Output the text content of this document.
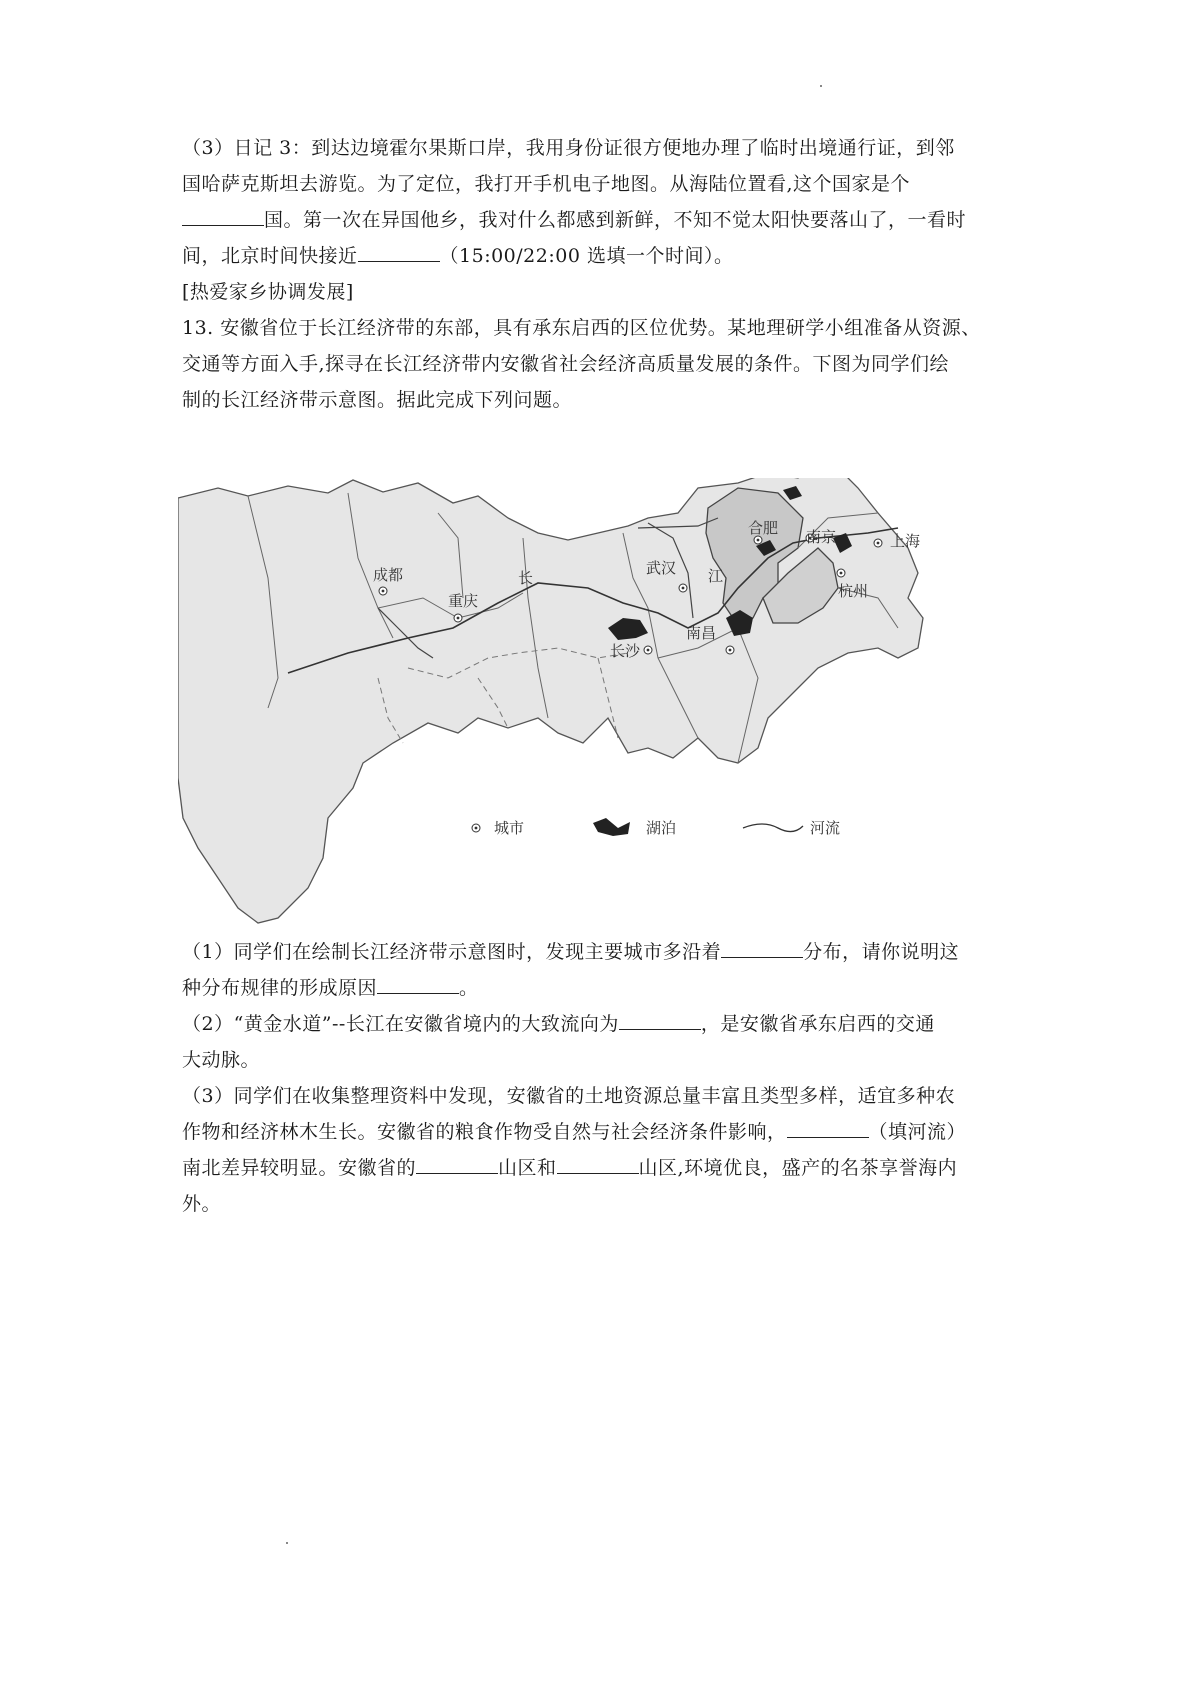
（3）日记 3：到达边境霍尔果斯口岸，我用身份证很方便地办理了临时出境通行证，到邻
国哈萨克斯坦去游览。为了定位，我打开手机电子地图。从海陆位置看,这个国家是个
国。第一次在异国他乡，我对什么都感到新鲜，不知不觉太阳快要落山了，一看时
间，北京时间快接近	（15:00/22:00 选填一个时间）。
[热爱家乡协调发展]
13. 安徽省位于长江经济带的东部，具有承东启西的区位优势。某地理研学小组准备从资源、
交通等方面入手,探寻在长江经济带内安徽省社会经济高质量发展的条件。下图为同学们绘
制的长江经济带示意图。据此完成下列问题。
成都
重庆
武汉
长沙
南昌
合肥 南京	上海
杭州
长	江
城市	湖泊	河流
（1）同学们在绘制长江经济带示意图时，发现主要城市多沿着	分布，请你说明这
种分布规律的形成原因	。
（2）“黄金水道”--长江在安徽省境内的大致流向为	，是安徽省承东启西的交通
大动脉。
（3）同学们在收集整理资料中发现，安徽省的土地资源总量丰富且类型多样，适宜多种农
作物和经济林木生长。安徽省的粮食作物受自然与社会经济条件影响，	（填河流）
南北差异较明显。安徽省的	山区和	山区,环境优良，盛产的名茶享誉海内
外。
